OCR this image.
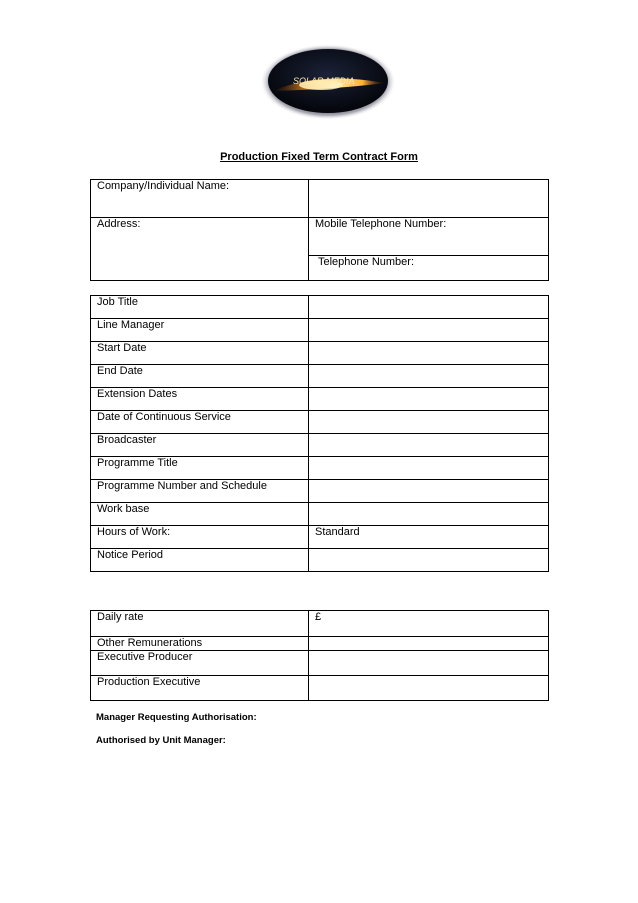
SOLAR MEDIA
Production Fixed Term Contract Form
Company/Individual Name:	
Address:	Mobile Telephone Number:
	Telephone Number:
Job Title	
Line Manager	
Start Date	
End Date	
Extension Dates	
Date of Continuous Service	
Broadcaster	
Programme Title	
Programme Number and Schedule	
Work base	
Hours of Work:	Standard
Notice Period	
Daily rate	£
Other Remunerations	
Executive Producer	
Production Executive	
Manager Requesting Authorisation:
Authorised by Unit Manager:
